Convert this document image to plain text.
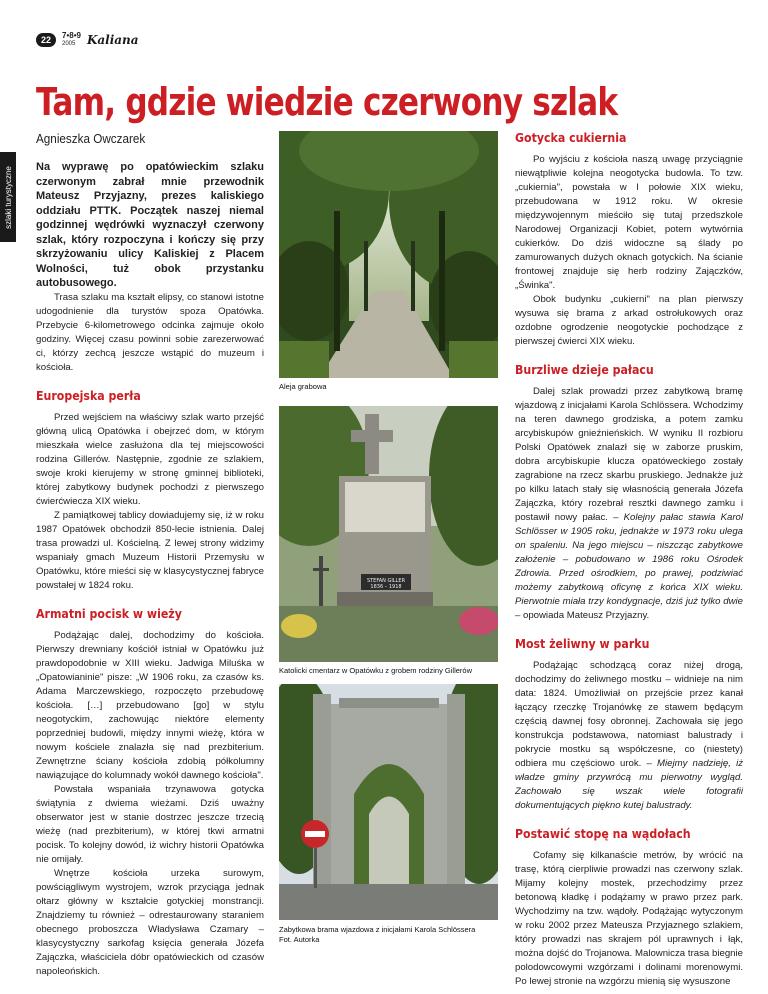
22	7•8•9
2005 Kaliana
szlaki turystyczne
Tam, gdzie wiedzie czerwony szlak
Agnieszka Owczarek

Na wyprawę po opatówieckim szlaku czerwonym zabrał mnie przewodnik Mateusz Przyjazny, prezes kaliskiego oddziału PTTK. Początek naszej niemal godzinnej wędrówki wyznaczył czerwony szlak, który rozpoczyna i kończy się przy skrzyżowaniu ulicy Kaliskiej z Placem Wolności, tuż obok przystanku autobusowego.

Trasa szlaku ma kształt elipsy, co stanowi istotne udogodnienie dla turystów spoza Opatówka. Przebycie 6-kilometrowego odcinka zajmuje około godziny. Więcej czasu powinni sobie zarezerwować ci, którzy zechcą jeszcze wstąpić do muzeum i kościoła.

Europejska perła

Przed wejściem na właściwy szlak warto przejść główną ulicą Opatówka i obejrzeć dom, w którym mieszkała wielce zasłużona dla tej miejscowości rodzina Gillerów. Następnie, zgodnie ze szlakiem, swoje kroki kierujemy w stronę gminnej biblioteki, której zabytkowy budynek pochodzi z pierwszego ćwierćwiecza XIX wieku.

Z pamiątkowej tablicy dowiadujemy się, iż w roku 1987 Opatówek obchodził 850-lecie istnienia. Dalej trasa prowadzi ul. Kościelną. Z lewej strony widzimy wspaniały gmach Muzeum Historii Przemysłu w Opatówku, które mieści się w klasycystycznej fabryce powstałej w 1824 roku.

Armatni pocisk w wieży

Podążając dalej, dochodzimy do kościoła. Pierwszy drewniany kościół istniał w Opatówku już prawdopodobnie w XIII wieku. Jadwiga Miluśka w „Opatowianinie" pisze: „W 1906 roku, za czasów ks. Adama Marczewskiego, rozpoczęto przebudowę kościoła. […] przebudowano [go] w stylu neogotyckim, zachowując niektóre elementy poprzedniej budowli, między innymi wieżę, która w nowym kościele znalazła się nad prezbiterium. Zewnętrzne ściany kościoła zdobią półkolumny nawiązujące do kolumnady wokół dawnego kościoła".

Powstała wspaniała trzynawowa gotycka świątynia z dwiema wieżami. Dziś uważny obserwator jest w stanie dostrzec jeszcze trzecią wieżę (nad prezbiterium), w której tkwi armatni pocisk. To kolejny dowód, iż wichry historii Opatówka nie omijały.

Wnętrze kościoła urzeka surowym, powściągliwym wystrojem, wzrok przyciąga jednak ołtarz główny w kształcie gotyckiej monstrancji. Znajdziemy tu również – odrestaurowany staraniem obecnego proboszcza Władysława Czamary – klasycystyczny sarkofag księcia generała Józefa Zajączka, właściciela dóbr opatówieckich od czasów napoleońskich.

Aleja grabowa
STEFAN GILLER
1836 – 1918
Katolicki cmentarz w Opatówku z grobem rodziny Gillerów
Zabytkowa brama wjazdowa z inicjałami Karola Schlössera
Fot. Autorka
Gotycka cukiernia

Po wyjściu z kościoła naszą uwagę przyciągnie niewątpliwie kolejna neogotycka budowla. To tzw. „cukiernia", powstała w I połowie XIX wieku, przebudowana w 1912 roku. W okresie międzywojennym mieściło się tutaj przedszkole Narodowej Organizacji Kobiet, potem wytwórnia cukierków. Do dziś widoczne są ślady po zamurowanych dużych oknach gotyckich. Na ścianie frontowej znajduje się herb rodziny Zajączków, „Świnka".

Obok budynku „cukierni" na plan pierwszy wysuwa się brama z arkad ostrołukowych oraz ozdobne ogrodzenie neogotyckie pochodzące z pierwszej ćwierci XIX wieku.

Burzliwe dzieje pałacu

Dalej szlak prowadzi przez zabytkową bramę wjazdową z inicjałami Karola Schlössera. Wchodzimy na teren dawnego grodziska, a potem zamku arcybiskupów gnieźnieńskich. W wyniku II rozbioru Polski Opatówek znalazł się w zaborze pruskim, dobra arcybiskupie klucza opatóweckiego zostały zagrabione na rzecz skarbu pruskiego. Jednakże już po kilku latach stały się własnością generała Józefa Zajączka, który rozebrał resztki dawnego zamku i postawił nowy pałac. – Kolejny pałac stawia Karol Schlösser w 1905 roku, jednakże w 1973 roku ulega on spaleniu. Na jego miejscu – niszcząc zabytkowe założenie – pobudowano w 1986 roku Ośrodek Zdrowia. Przed ośrodkiem, po prawej, podziwiać możemy zabytkową oficynę z końca XIX wieku. Pierwotnie miała trzy kondygnacje, dziś już tylko dwie – opowiada Mateusz Przyjazny.

Most żeliwny w parku

Podążając schodzącą coraz niżej drogą, dochodzimy do żeliwnego mostku – widnieje na nim data: 1824. Umożliwiał on przejście przez kanał łączący rzeczkę Trojanówkę ze stawem będącym częścią dawnej fosy obronnej. Zachowała się jego konstrukcja podstawowa, natomiast balustrady i pokrycie mostku są współczesne, co (niestety) odbiera mu częściowo urok. – Miejmy nadzieję, iż władze gminy przywrócą mu pierwotny wygląd. Zachowało się wszak wiele fotografii dokumentujących piękno kutej balustrady.

Postawić stopę na wądołach

Cofamy się kilkanaście metrów, by wrócić na trasę, którą cierpliwie prowadzi nas czerwony szlak. Mijamy kolejny mostek, przechodzimy przez betonową kładkę i podążamy w prawo przez park. Wychodzimy na tzw. wądoły. Podążając wytyczonym w roku 2002 przez Mateusza Przyjaznego szlakiem, który prowadzi nas skrajem pól uprawnych i łąk, można dojść do Trojanowa. Malownicza trasa biegnie polodowcowymi wzgórzami i dolinami morenowymi. Po lewej stronie na wzgórzu mienią się wysuszone
